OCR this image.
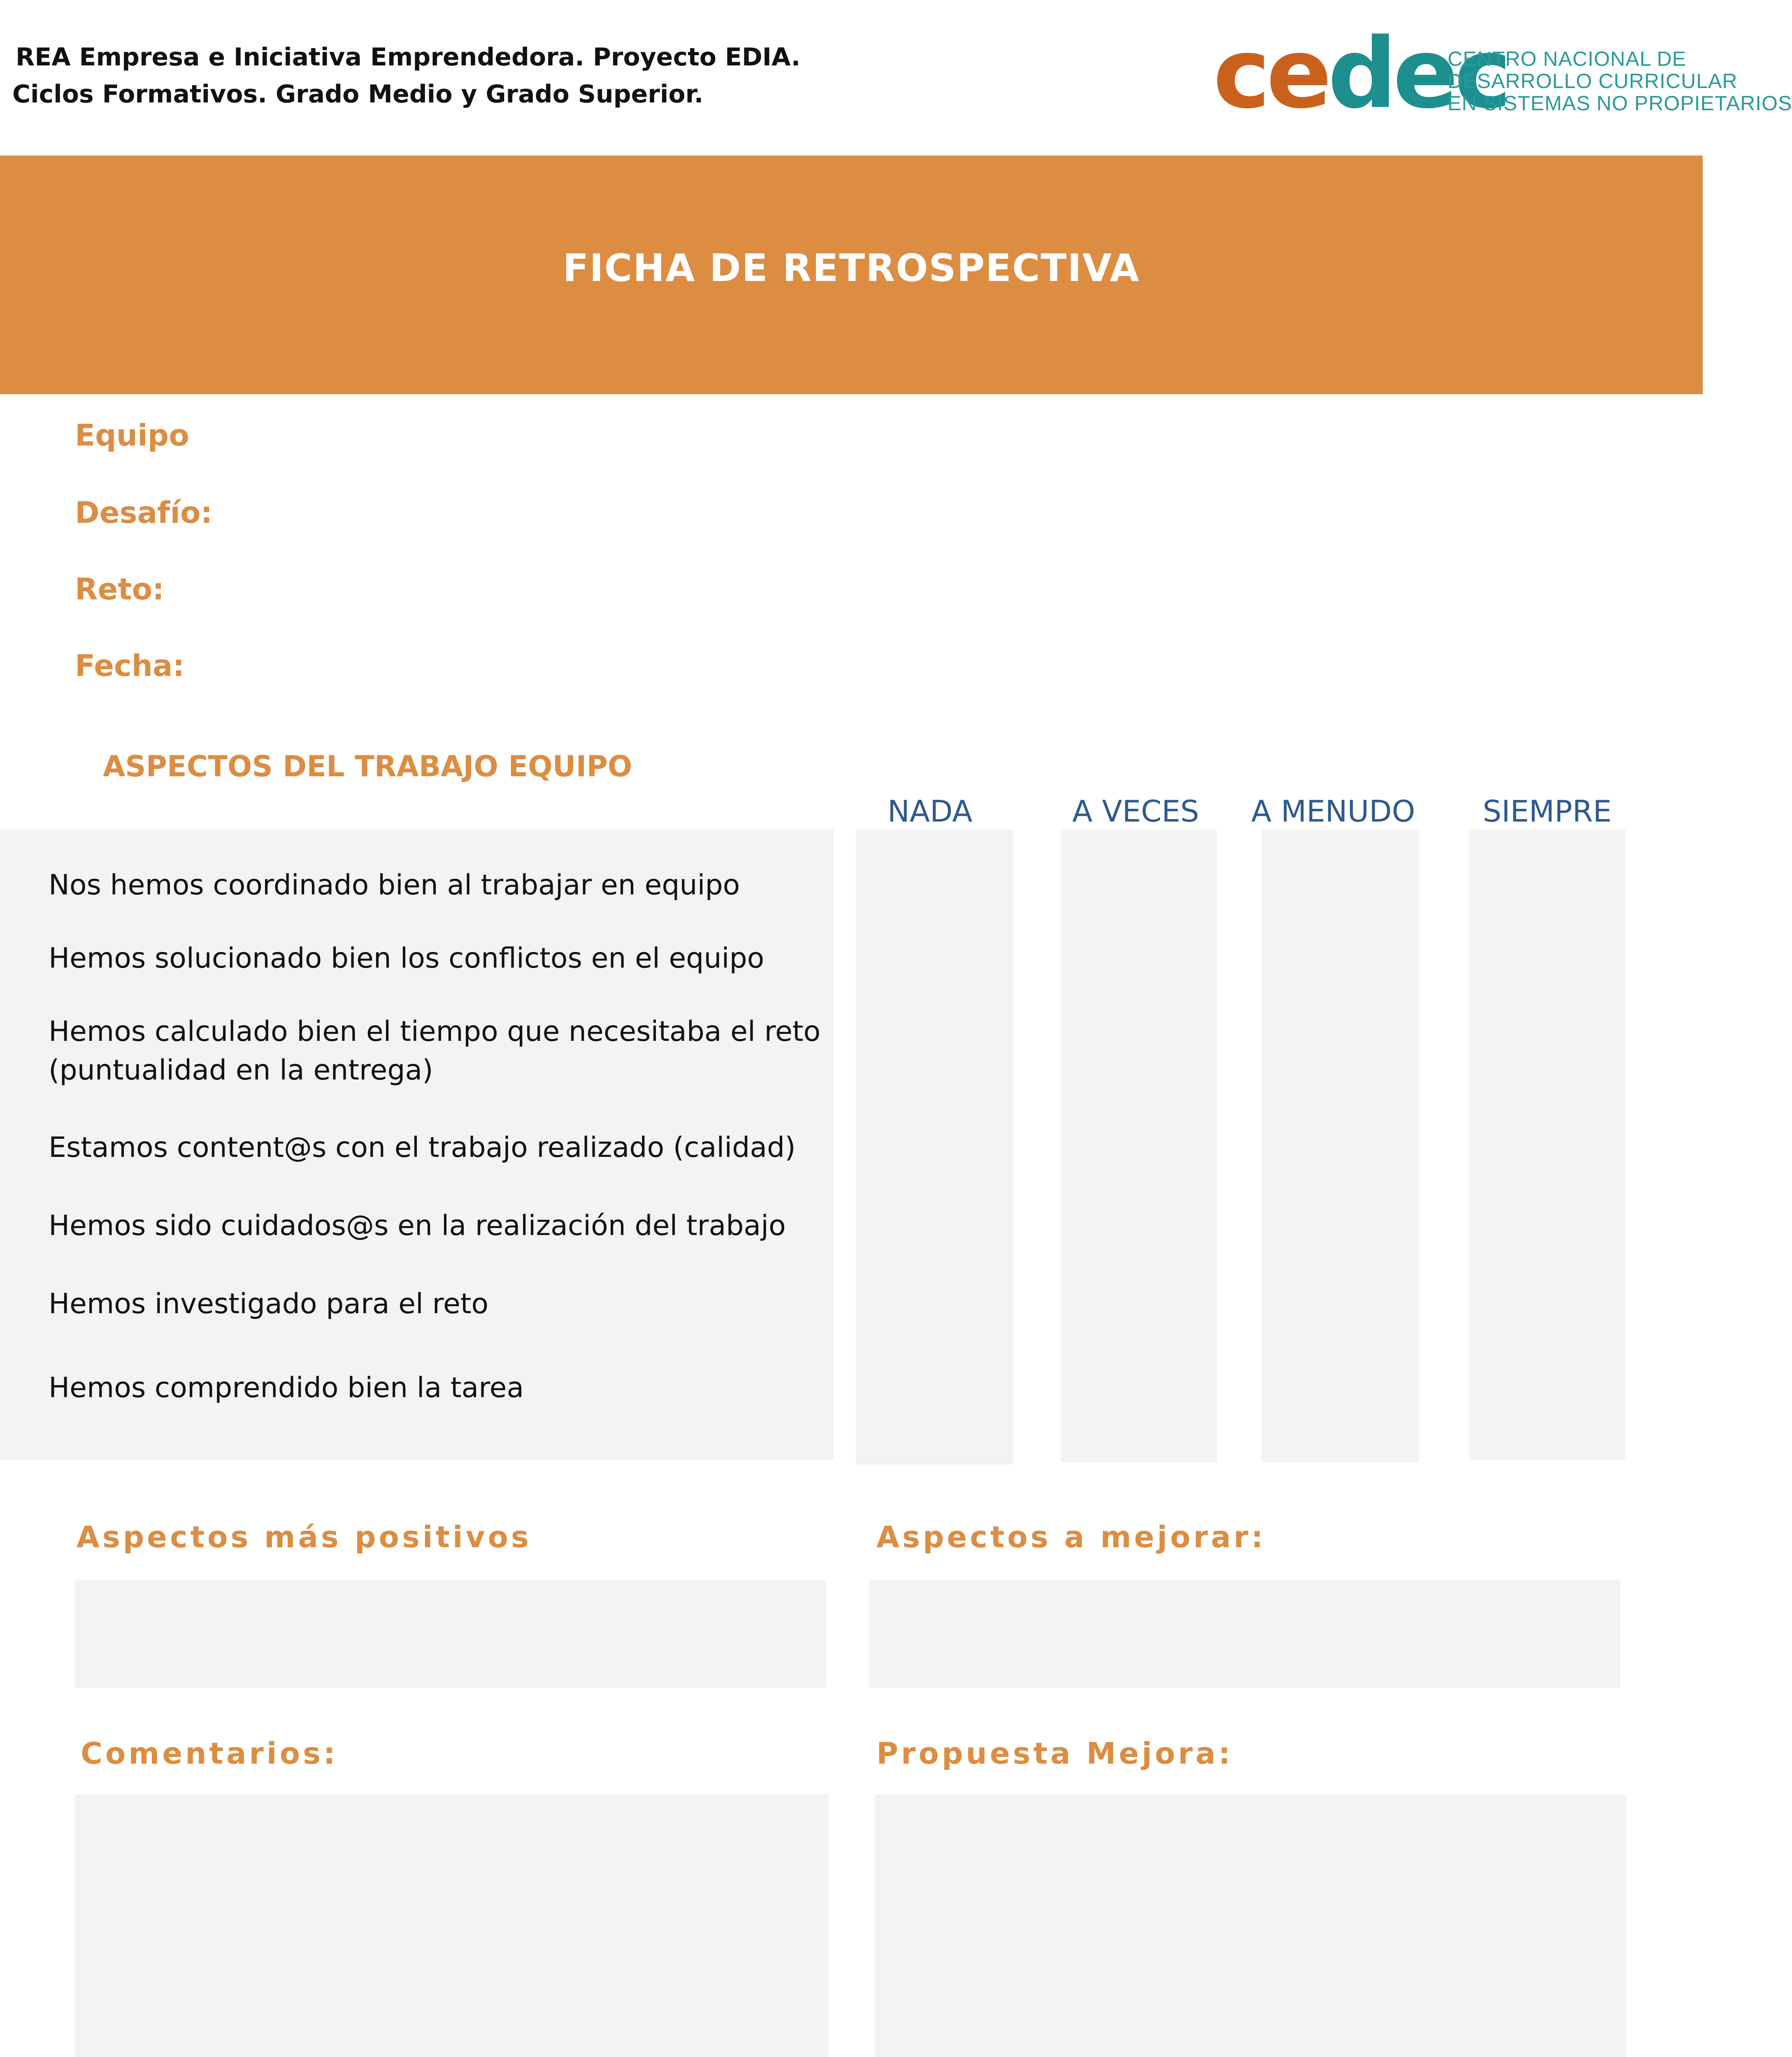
REA Empresa e Iniciativa Emprendedora. Proyecto EDIA.
Ciclos Formativos. Grado Medio y Grado Superior.	cedec
CENTRO NACIONAL DE
DESARROLLO CURRICULAR
EN SISTEMAS NO PROPIETARIOS
FICHA DE RETROSPECTIVA
Equipo
Desafío:
Reto:
Fecha:
ASPECTOS DEL TRABAJO EQUIPO
NADA	A VECES	A MENUDO	SIEMPRE
Nos hemos coordinado bien al trabajar en equipo
Hemos solucionado bien los conflictos en el equipo
Hemos calculado bien el tiempo que necesitaba el reto
(puntualidad en la entrega)
Estamos content@s con el trabajo realizado (calidad)
Hemos sido cuidados@s en la realización del trabajo
Hemos investigado para el reto
Hemos comprendido bien la tarea
Aspectos más positivos	Aspectos a mejorar:
Comentarios:	Propuesta Mejora:
